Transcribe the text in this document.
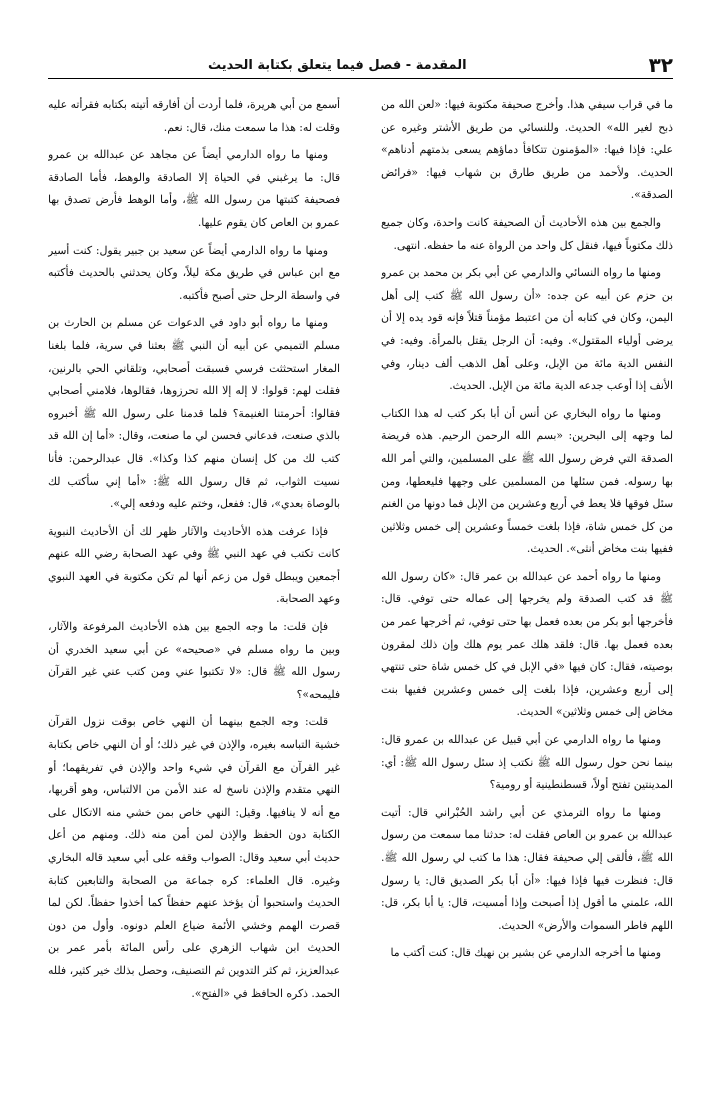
٣٢
المقدمة - فصل فيما يتعلق بكتابة الحديث

ما في قراب سيفي هذا. وأخرج صحيفة مكتوبة فيها: «لعن الله من ذبح لغير الله» الحديث. وللنسائي من طريق الأشتر وغيره عن علي: فإذا فيها: «المؤمنون تتكافأ دماؤهم يسعى بذمتهم أدناهم» الحديث. ولأحمد من طريق طارق بن شهاب فيها: «فرائض الصدقة».

والجمع بين هذه الأحاديث أن الصحيفة كانت واحدة، وكان جميع ذلك مكتوباً فيها، فنقل كل واحد من الرواة عنه ما حفظه. انتهى.

ومنها ما رواه النسائي والدارمي عن أبي بكر بن محمد بن عمرو بن حزم عن أبيه عن جده: «أن رسول الله ﷺ كتب إلى أهل اليمن، وكان في كتابه أن من اعتبط مؤمناً قتلاً فإنه قود يده إلا أن يرضى أولياء المقتول». وفيه: أن الرجل يقتل بالمرأة. وفيه: في النفس الدية مائة من الإبل، وعلى أهل الذهب ألف دينار، وفي الأنف إذا أوعب جدعه الدية مائة من الإبل. الحديث.

ومنها ما رواه البخاري عن أنس أن أبا بكر كتب له هذا الكتاب لما وجهه إلى البحرين: «بسم الله الرحمن الرحيم. هذه فريضة الصدقة التي فرض رسول الله ﷺ على المسلمين، والتي أمر الله بها رسوله. فمن سئلها من المسلمين على وجهها فليعطها، ومن سئل فوقها فلا يعط في أربع وعشرين من الإبل فما دونها من الغنم من كل خمس شاة، فإذا بلغت خمساً وعشرين إلى خمس وثلاثين ففيها بنت مخاض أنثى». الحديث.

ومنها ما رواه أحمد عن عبدالله بن عمر قال: «كان رسول الله ﷺ قد كتب الصدقة ولم يخرجها إلى عماله حتى توفي. قال: فأخرجها أبو بكر من بعده فعمل بها حتى توفي، ثم أخرجها عمر من بعده فعمل بها. قال: فلقد هلك عمر يوم هلك وإن ذلك لمقرون بوصيته، فقال: كان فيها «في الإبل في كل خمس شاة حتى تنتهي إلى أربع وعشرين، فإذا بلغت إلى خمس وعشرين ففيها بنت مخاض إلى خمس وثلاثين» الحديث.

ومنها ما رواه الدارمي عن أبي قبيل عن عبدالله بن عمرو قال: بينما نحن حول رسول الله ﷺ نكتب إذ سئل رسول الله ﷺ: أي: المدينتين تفتح أولاً، قسطنطينية أو رومية؟

ومنها ما رواه الترمذي عن أبي راشد الحُبْراني قال: أتيت عبدالله بن عمرو بن العاص فقلت له: حدثنا مما سمعت من رسول الله ﷺ، فألقى إلي صحيفة فقال: هذا ما كتب لي رسول الله ﷺ. قال: فنظرت فيها فإذا فيها: «أن أبا بكر الصديق قال: يا رسول الله، علمني ما أقول إذا أصبحت وإذا أمسيت، قال: يا أبا بكر، قل: اللهم فاطر السموات والأرض» الحديث.

ومنها ما أخرجه الدارمي عن بشير بن نهيك قال: كنت أكتب ما

أسمع من أبي هريرة، فلما أردت أن أفارقه أتيته بكتابه فقرأته عليه وقلت له: هذا ما سمعت منك، قال: نعم.

ومنها ما رواه الدارمي أيضاً عن مجاهد عن عبدالله بن عمرو قال: ما يرغبني في الحياة إلا الصادقة والوهط، فأما الصادقة فصحيفة كتبتها من رسول الله ﷺ، وأما الوهط فأرض تصدق بها عمرو بن العاص كان يقوم عليها.

ومنها ما رواه الدارمي أيضاً عن سعيد بن جبير يقول: كنت أسير مع ابن عباس في طريق مكة ليلاً، وكان يحدثني بالحديث فأكتبه في واسطة الرحل حتى أصبح فأكتبه.

ومنها ما رواه أبو داود في الدعوات عن مسلم بن الحارث بن مسلم التميمي عن أبيه أن النبي ﷺ بعثنا في سرية، فلما بلغنا المغار استحثثت فرسي فسبقت أصحابي، وتلقاني الحي بالرنين، فقلت لهم: قولوا: لا إله إلا الله تحرزوها، فقالوها، فلامني أصحابي فقالوا: أحرمتنا الغنيمة؟ فلما قدمنا على رسول الله ﷺ أخبروه بالذي صنعت، فدعاني فحسن لي ما صنعت، وقال: «أما إن الله قد كتب لك من كل إنسان منهم كذا وكذا». قال عبدالرحمن: فأنا نسيت الثواب، ثم قال رسول الله ﷺ: «أما إني سأكتب لك بالوصاة بعدي»، قال: ففعل، وختم عليه ودفعه إلي».

فإذا عرفت هذه الأحاديث والآثار ظهر لك أن الأحاديث النبوية كانت تكتب في عهد النبي ﷺ وفي عهد الصحابة رضي الله عنهم أجمعين ويبطل قول من زعم أنها لم تكن مكتوبة في العهد النبوي وعهد الصحابة.

فإن قلت: ما وجه الجمع بين هذه الأحاديث المرفوعة والآثار، وبين ما رواه مسلم في «صحيحه» عن أبي سعيد الخدري أن رسول الله ﷺ قال: «لا تكتبوا عني ومن كتب عني غير القرآن فليمحه»؟

قلت: وجه الجمع بينهما أن النهي خاص بوقت نزول القرآن خشية التباسه بغيره، والإذن في غير ذلك؛ أو أن النهي خاص بكتابة غير القرآن مع القرآن في شيء واحد والإذن في تفريقهما؛ أو النهي متقدم والإذن ناسخ له عند الأمن من الالتباس، وهو أقربها، مع أنه لا ينافيها. وقيل: النهي خاص بمن خشي منه الاتكال على الكتابة دون الحفظ والإذن لمن أمن منه ذلك. ومنهم من أعل حديث أبي سعيد وقال: الصواب وقفه على أبي سعيد قاله البخاري وغيره. قال العلماء: كره جماعة من الصحابة والتابعين كتابة الحديث واستحبوا أن يؤخذ عنهم حفظاً كما أخذوا حفظاً. لكن لما قصرت الهمم وخشي الأئمة ضياع العلم دونوه. وأول من دون الحديث ابن شهاب الزهري على رأس المائة بأمر عمر بن عبدالعزيز، ثم كثر التدوين ثم التصنيف، وحصل بذلك خير كثير، فلله الحمد. ذكره الحافظ في «الفتح».
